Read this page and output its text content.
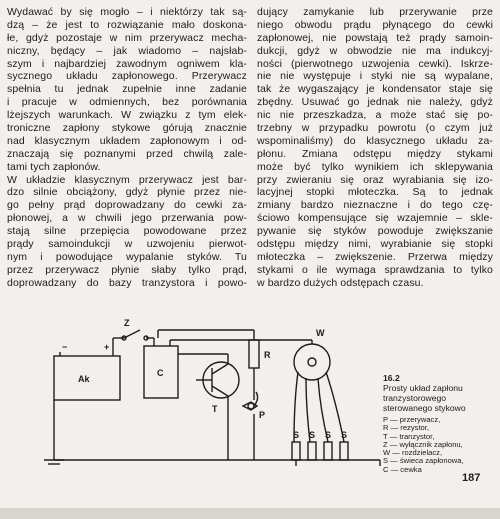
Wydawać by się mogło – i niektórzy tak są-
dzą – że jest to rozwiązanie mało doskona-
łe, gdyż pozostaje w nim przerywacz mecha-
niczny, będący – jak wiadomo – najsłab-
szym i najbardziej zawodnym ogniwem kla-
sycznego układu zapłonowego. Przerywacz
spełnia tu jednak zupełnie inne zadanie
i pracuje w odmiennych, bez porównania
lżejszych warunkach. W związku z tym elek-
troniczne zapłony stykowe górują znacznie
nad klasycznym układem zapłonowym i od-
znaczają się poznanymi przed chwilą zale-
tami tych zapłonów.
W układzie klasycznym przerywacz jest bar-
dzo silnie obciążony, gdyż płynie przez nie-
go pełny prąd doprowadzany do cewki za-
płonowej, a w chwili jego przerwania pow-
stają silne przepięcia powodowane przez
prądy samoindukcji w uzwojeniu pierwot-
nym i powodujące wypalanie styków. Tu
przez przerywacz płynie słaby tylko prąd,
doprowadzany do bazy tranzystora i powo-
dujący zamykanie lub przerywanie prze
niego obwodu prądu płynącego do cewki
zapłonowej, nie powstają też prądy samoin-
dukcji, gdyż w obwodzie nie ma indukcyj-
ności (pierwotnego uzwojenia cewki). Iskrze-
nie nie występuje i styki nie są wypalane,
tak że wygaszający je kondensator staje się
zbędny. Usuwać go jednak nie należy, gdyż
nic nie przeszkadza, a może stać się po-
trzebny w przypadku powrotu (o czym już
wspominaliśmy) do klasycznego układu za-
płonu. Zmiana odstępu między stykami
może być tylko wynikiem ich sklepywania
przy zwieraniu się oraz wyrabiania się izo-
lacyjnej stopki młoteczka. Są to jednak
zmiany bardzo nieznaczne i do tego czę-
ściowo kompensujące się wzajemnie – skle-
pywanie się styków powoduje zwiększanie
odstępu między nimi, wyrabianie się stopki
młoteczka – zwiększenie. Przerwa między
stykami o ile wymaga sprawdzania to tylko
w bardzo dużych odstępach czasu.
Z
C
R
T
P
W
Ak
−	+
S S S S
16.2
Prosty układ zapłonu tranzystorowego sterowanego stykowo
P — przerywacz,
R — rezystor,
T — tranzystor,
Z — wyłącznik zapłonu,
W — rozdzielacz,
S — świeca zapłonowa,
C — cewka
187
